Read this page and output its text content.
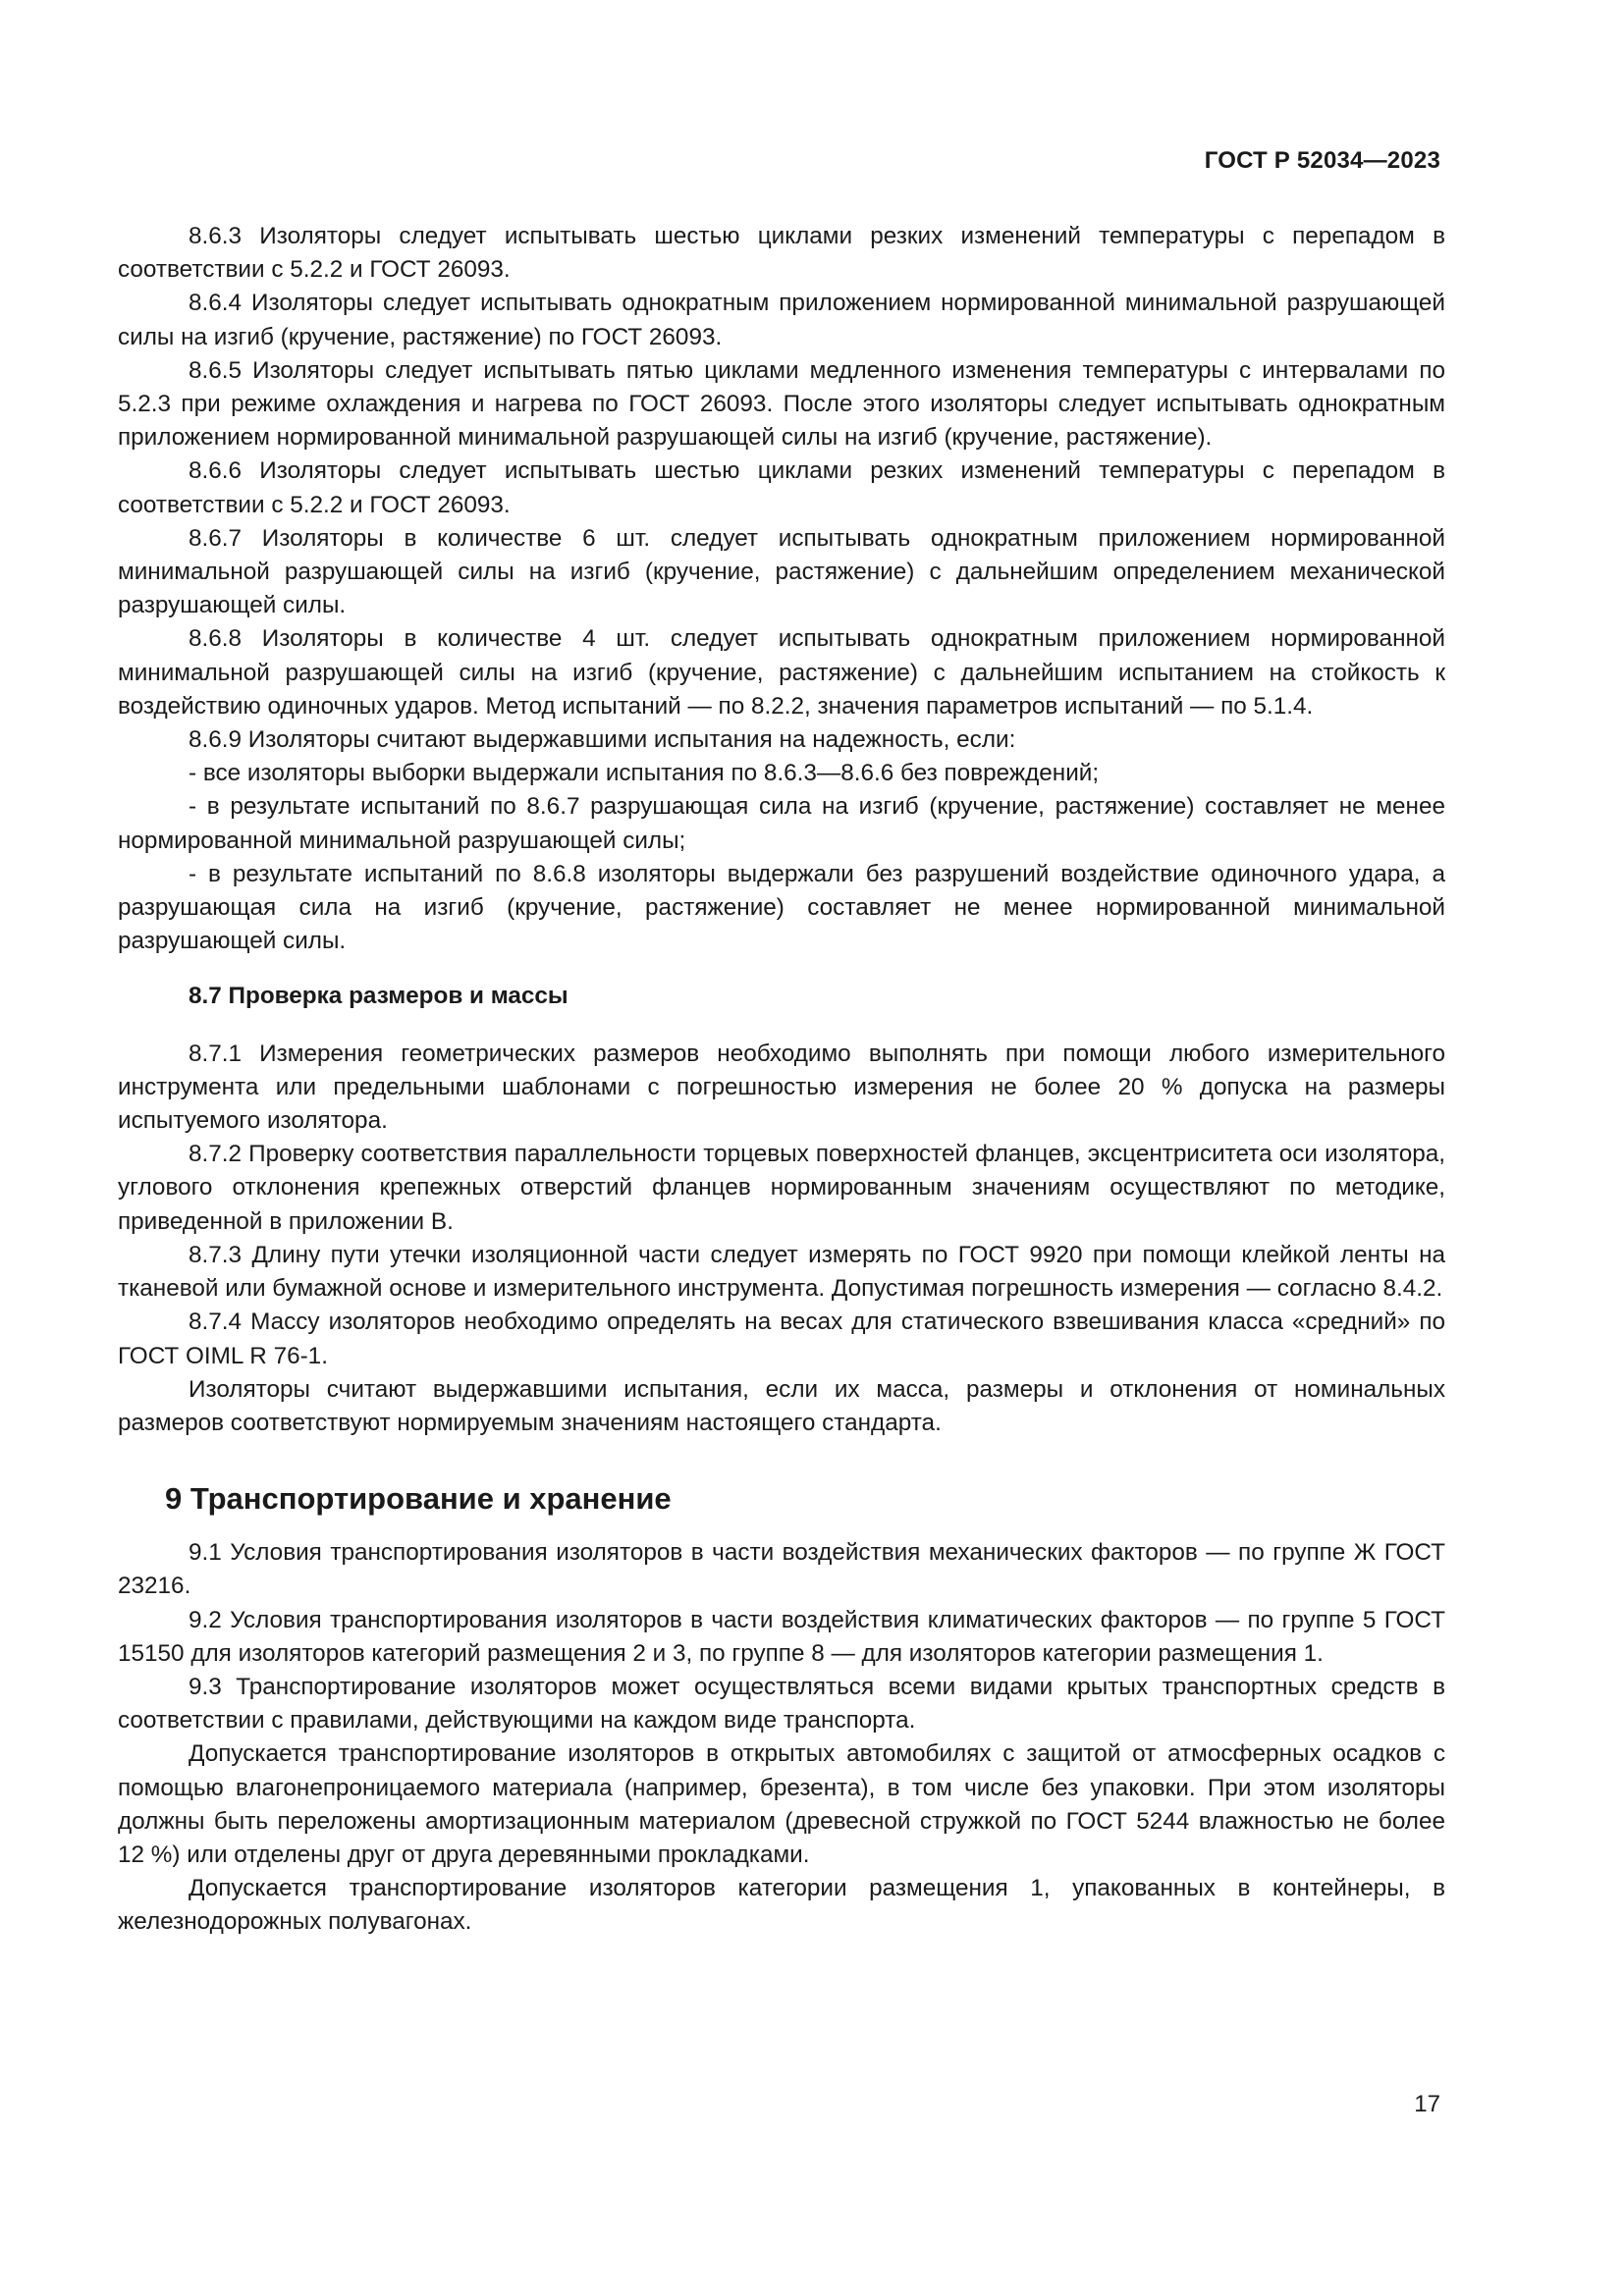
ГОСТ Р 52034—2023

8.6.3 Изоляторы следует испытывать шестью циклами резких изменений температуры с перепадом в соответствии с 5.2.2 и ГОСТ 26093.

8.6.4 Изоляторы следует испытывать однократным приложением нормированной минимальной разрушающей силы на изгиб (кручение, растяжение) по ГОСТ 26093.

8.6.5 Изоляторы следует испытывать пятью циклами медленного изменения температуры с интервалами по 5.2.3 при режиме охлаждения и нагрева по ГОСТ 26093. После этого изоляторы следует испытывать однократным приложением нормированной минимальной разрушающей силы на изгиб (кручение, растяжение).

8.6.6 Изоляторы следует испытывать шестью циклами резких изменений температуры с перепадом в соответствии с 5.2.2 и ГОСТ 26093.

8.6.7 Изоляторы в количестве 6 шт. следует испытывать однократным приложением нормированной минимальной разрушающей силы на изгиб (кручение, растяжение) с дальнейшим определением механической разрушающей силы.

8.6.8 Изоляторы в количестве 4 шт. следует испытывать однократным приложением нормированной минимальной разрушающей силы на изгиб (кручение, растяжение) с дальнейшим испытанием на стойкость к воздействию одиночных ударов. Метод испытаний — по 8.2.2, значения параметров испытаний — по 5.1.4.

8.6.9 Изоляторы считают выдержавшими испытания на надежность, если:

- все изоляторы выборки выдержали испытания по 8.6.3—8.6.6 без повреждений;

- в результате испытаний по 8.6.7 разрушающая сила на изгиб (кручение, растяжение) составляет не менее нормированной минимальной разрушающей силы;

- в результате испытаний по 8.6.8 изоляторы выдержали без разрушений воздействие одиночного удара, а разрушающая сила на изгиб (кручение, растяжение) составляет не менее нормированной минимальной разрушающей силы.

8.7 Проверка размеров и массы

8.7.1 Измерения геометрических размеров необходимо выполнять при помощи любого измерительного инструмента или предельными шаблонами с погрешностью измерения не более 20 % допуска на размеры испытуемого изолятора.

8.7.2 Проверку соответствия параллельности торцевых поверхностей фланцев, эксцентриситета оси изолятора, углового отклонения крепежных отверстий фланцев нормированным значениям осуществляют по методике, приведенной в приложении В.

8.7.3 Длину пути утечки изоляционной части следует измерять по ГОСТ 9920 при помощи клейкой ленты на тканевой или бумажной основе и измерительного инструмента. Допустимая погрешность измерения — согласно 8.4.2.

8.7.4 Массу изоляторов необходимо определять на весах для статического взвешивания класса «средний» по ГОСТ OIML R 76-1.

Изоляторы считают выдержавшими испытания, если их масса, размеры и отклонения от номинальных размеров соответствуют нормируемым значениям настоящего стандарта.

9 Транспортирование и хранение

9.1 Условия транспортирования изоляторов в части воздействия механических факторов — по группе Ж ГОСТ 23216.

9.2 Условия транспортирования изоляторов в части воздействия климатических факторов — по группе 5 ГОСТ 15150 для изоляторов категорий размещения 2 и 3, по группе 8 — для изоляторов категории размещения 1.

9.3 Транспортирование изоляторов может осуществляться всеми видами крытых транспортных средств в соответствии с правилами, действующими на каждом виде транспорта.

Допускается транспортирование изоляторов в открытых автомобилях с защитой от атмосферных осадков с помощью влагонепроницаемого материала (например, брезента), в том числе без упаковки. При этом изоляторы должны быть переложены амортизационным материалом (древесной стружкой по ГОСТ 5244 влажностью не более 12 %) или отделены друг от друга деревянными прокладками.

Допускается транспортирование изоляторов категории размещения 1, упакованных в контейнеры, в железнодорожных полувагонах.

17
